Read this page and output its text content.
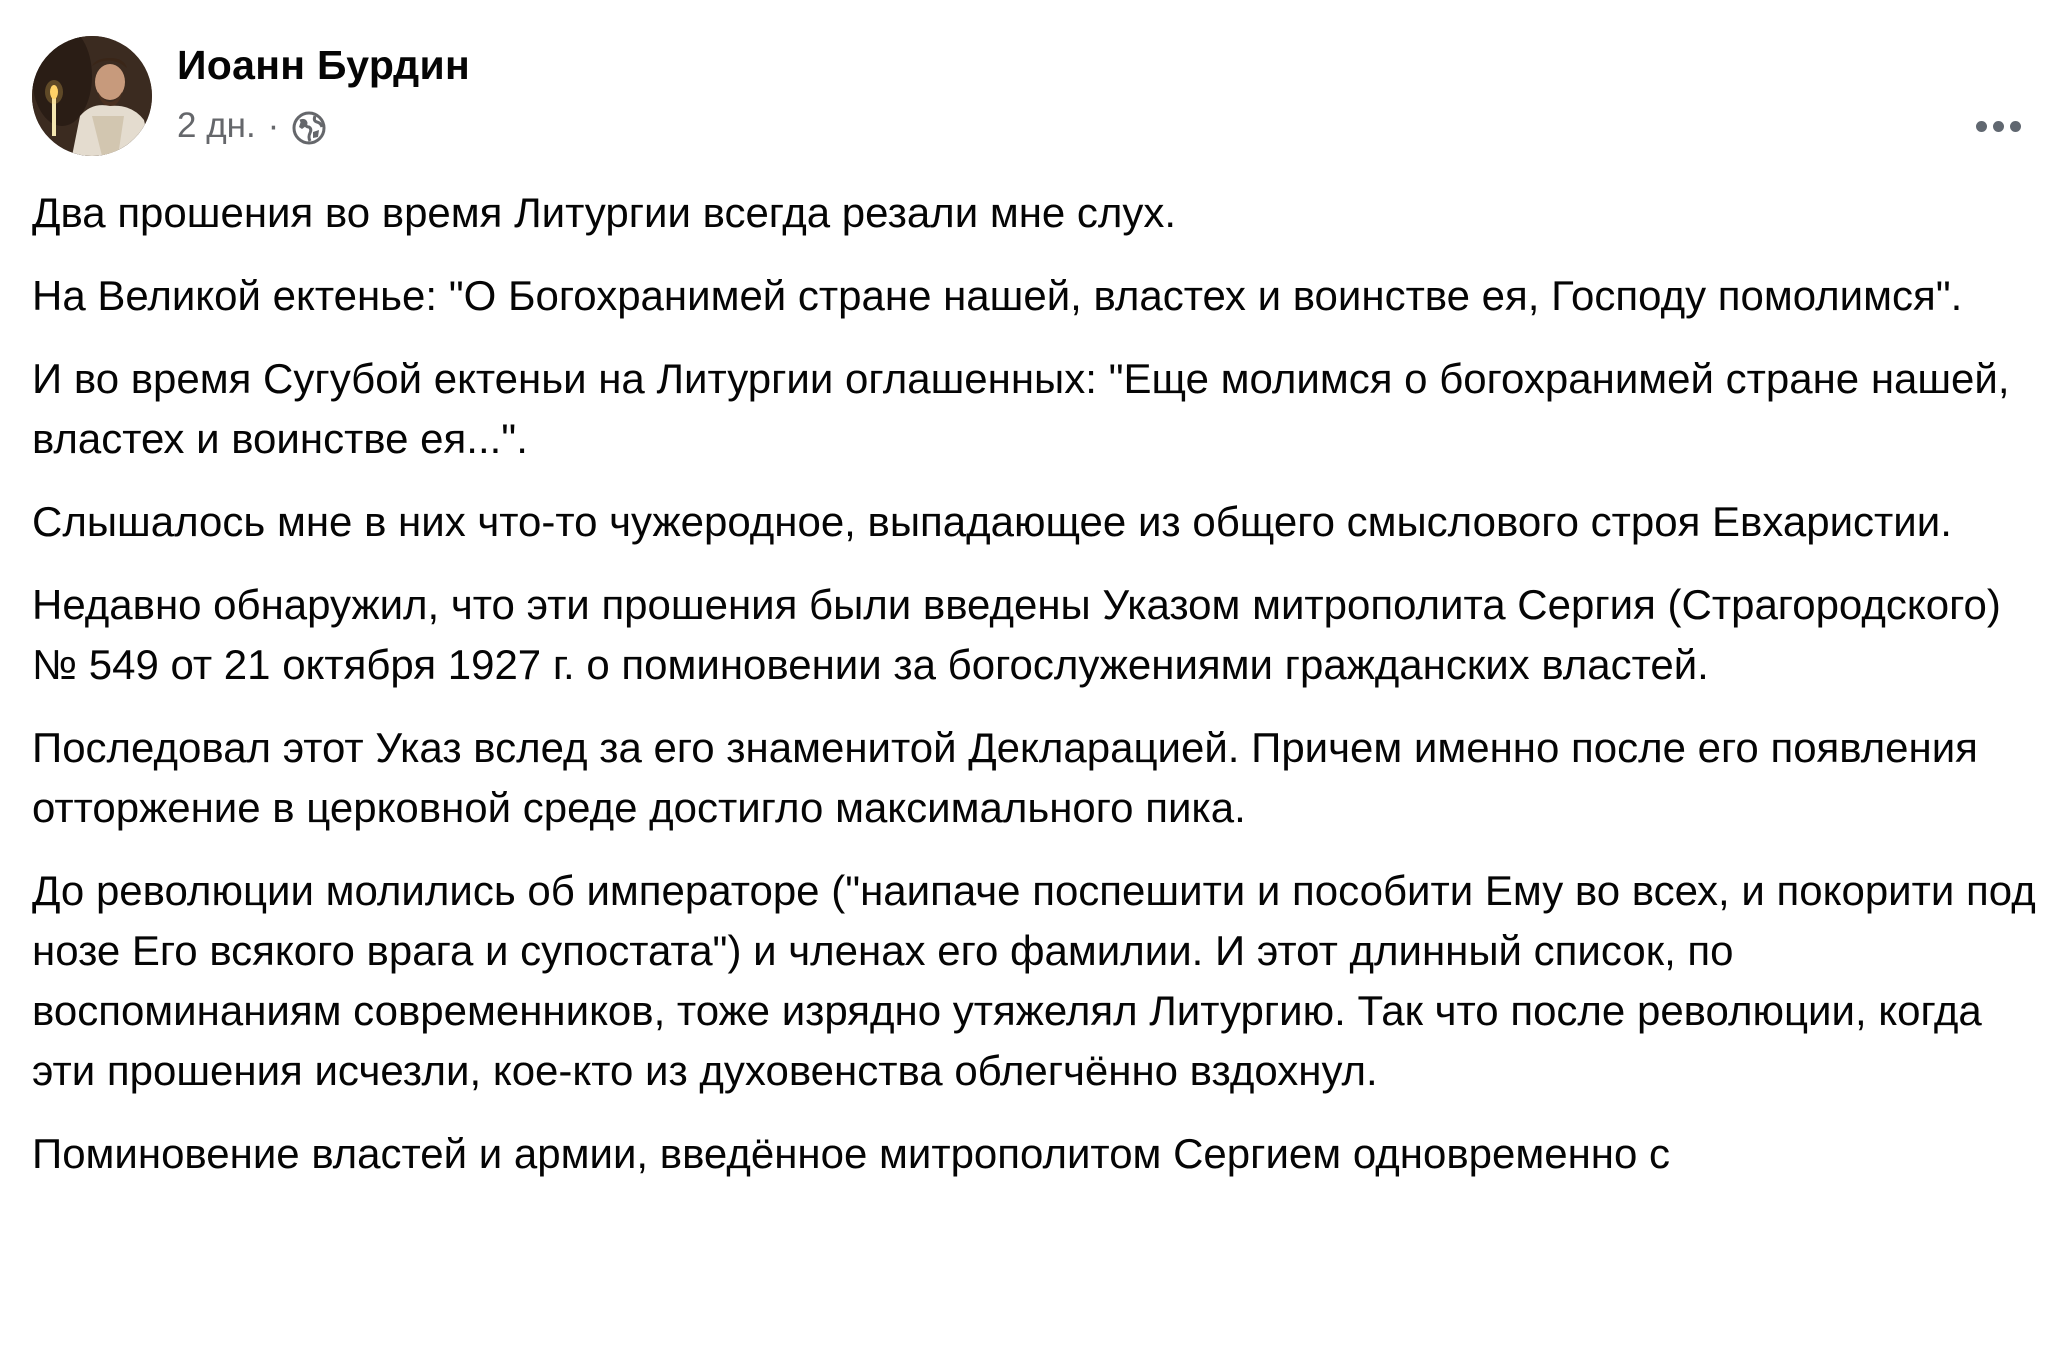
Иоанн Бурдин
2 дн. ·

Два прошения во время Литургии всегда резали мне слух.

На Великой ектенье: "О Богохранимей стране нашей, властех и воинстве ея, Господу помолимся".

И во время Сугубой ектеньи на Литургии оглашенных: "Еще молимся о богохранимей стране нашей, властех и воинстве ея...".

Слышалось мне в них что-то чужеродное, выпадающее из общего смыслового строя Евхаристии.

Недавно обнаружил, что эти прошения были введены Указом митрополита Сергия (Страгородского) № 549 от 21 октября 1927 г. о поминовении за богослужениями гражданских властей.

Последовал этот Указ вслед за его знаменитой Декларацией. Причем именно после его появления отторжение в церковной среде достигло максимального пика.

До революции молились об императоре ("наипаче поспешити и пособити Ему во всех, и покорити под нозе Его всякого врага и супостата") и членах его фамилии. И этот длинный список, по воспоминаниям современников, тоже изрядно утяжелял Литургию. Так что после революции, когда эти прошения исчезли, кое-кто из духовенства облегчённо вздохнул.

Поминовение властей и армии, введённое митрополитом Сергием одновременно с
